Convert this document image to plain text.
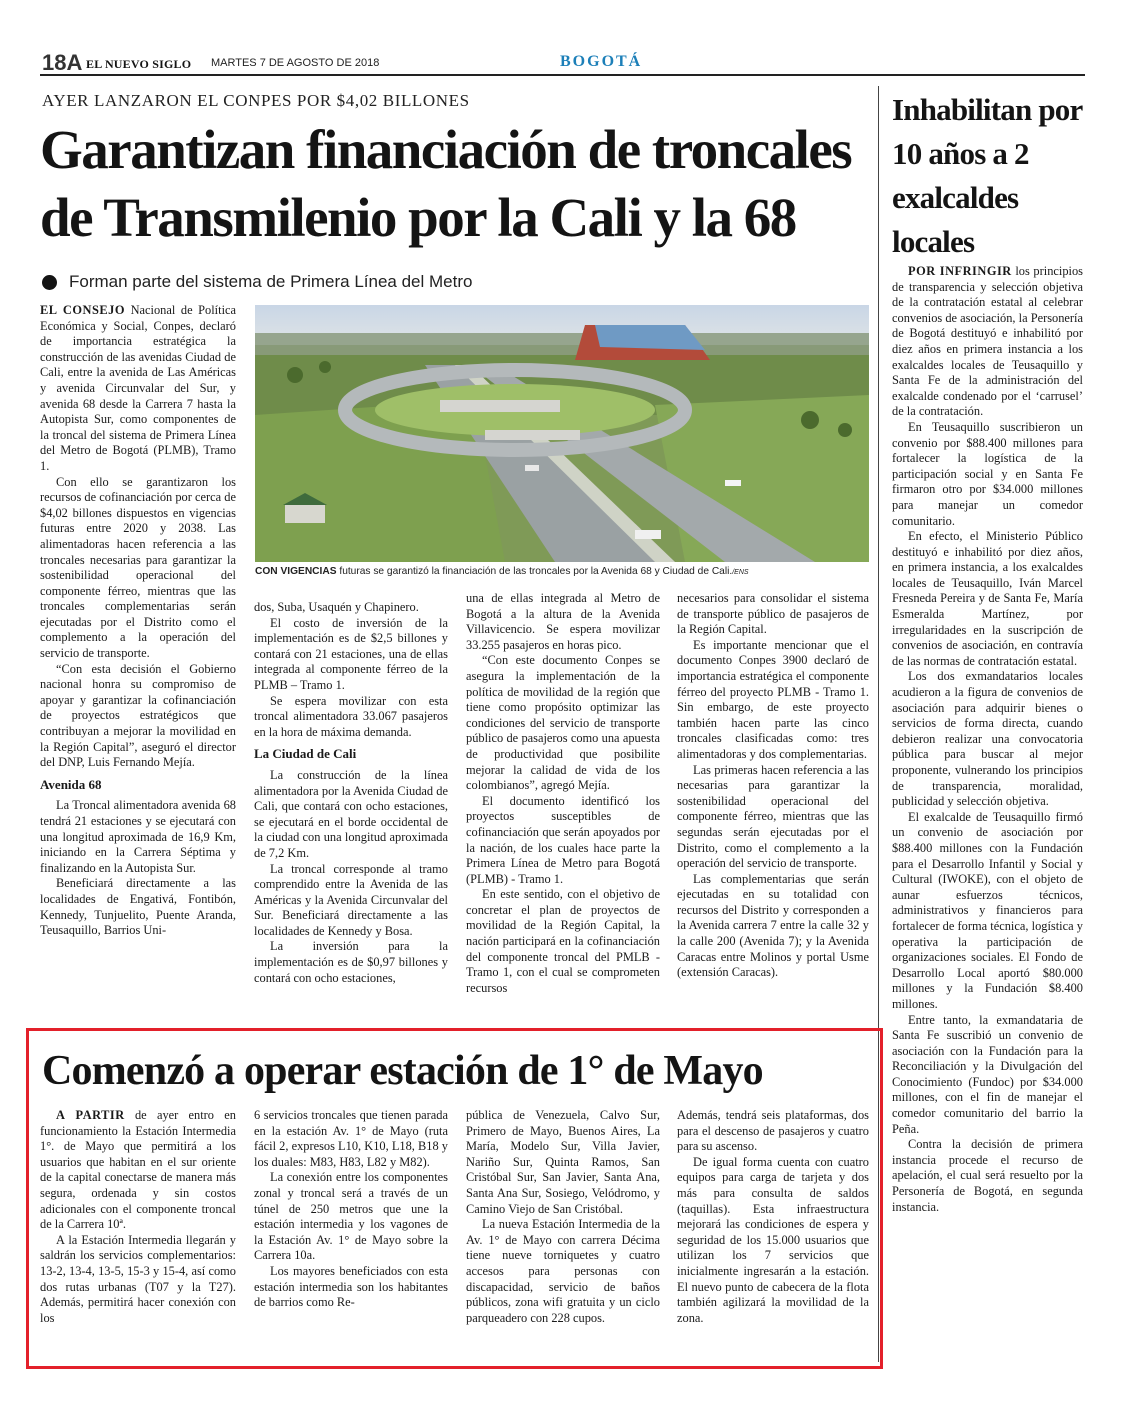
18A EL NUEVO SIGLO MARTES 7 DE AGOSTO DE 2018	BOGOTÁ
AYER LANZARON EL CONPES POR $4,02 BILLONES
Garantizan financiación de troncales de Transmilenio por la Cali y la 68
Forman parte del sistema de Primera Línea del Metro

EL CONSEJO Nacional de Política Económica y Social, Conpes, declaró de importancia estratégica la construcción de las avenidas Ciudad de Cali, entre la avenida de Las Américas y avenida Circunvalar del Sur, y avenida 68 desde la Carrera 7 hasta la Autopista Sur, como componentes de la troncal del sistema de Primera Línea del Metro de Bogotá (PLMB), Tramo 1.

Con ello se garantizaron los recursos de cofinanciación por cerca de $4,02 billones dispuestos en vigencias futuras entre 2020 y 2038. Las alimentadoras hacen referencia a las troncales necesarias para garantizar la sostenibilidad operacional del componente férreo, mientras que las troncales complementarias serán ejecutadas por el Distrito como el complemento a la operación del servicio de transporte.

“Con esta decisión el Gobierno nacional honra su compromiso de apoyar y garantizar la cofinanciación de proyectos estratégicos que contribuyan a mejorar la movilidad en la Región Capital”, aseguró el director del DNP, Luis Fernando Mejía.

Avenida 68

La Troncal alimentadora avenida 68 tendrá 21 estaciones y se ejecutará con una longitud aproximada de 16,9 Km, iniciando en la Carrera Séptima y finalizando en la Autopista Sur.

Beneficiará directamente a las localidades de Engativá, Fontibón, Kennedy, Tunjuelito, Puente Aranda, Teusaquillo, Barrios Uni-

CON VIGENCIAS futuras se garantizó la financiación de las troncales por la Avenida 68 y Ciudad de Cali./ENS

dos, Suba, Usaquén y Chapinero.

El costo de inversión de la implementación es de $2,5 billones y contará con 21 estaciones, una de ellas integrada al componente férreo de la PLMB – Tramo 1.

Se espera movilizar con esta troncal alimentadora 33.067 pasajeros en la hora de máxima demanda.

La Ciudad de Cali

La construcción de la línea alimentadora por la Avenida Ciudad de Cali, que contará con ocho estaciones, se ejecutará en el borde occidental de la ciudad con una longitud aproximada de 7,2 Km.

La troncal corresponde al tramo comprendido entre la Avenida de las Américas y la Avenida Circunvalar del Sur. Beneficiará directamente a las localidades de Kennedy y Bosa.

La inversión para la implementación es de $0,97 billones y contará con ocho estaciones,

una de ellas integrada al Metro de Bogotá a la altura de la Avenida Villavicencio. Se espera movilizar 33.255 pasajeros en horas pico.

“Con este documento Conpes se asegura la implementación de la política de movilidad de la región que tiene como propósito optimizar las condiciones del servicio de transporte público de pasajeros como una apuesta de productividad que posibilite mejorar la calidad de vida de los colombianos”, agregó Mejía.

El documento identificó los proyectos susceptibles de cofinanciación que serán apoyados por la nación, de los cuales hace parte la Primera Línea de Metro para Bogotá (PLMB) - Tramo 1.

En este sentido, con el objetivo de concretar el plan de proyectos de movilidad de la Región Capital, la nación participará en la cofinanciación del componente troncal del PMLB - Tramo 1, con el cual se comprometen recursos

necesarios para consolidar el sistema de transporte público de pasajeros de la Región Capital.

Es importante mencionar que el documento Conpes 3900 declaró de importancia estratégica el componente férreo del proyecto PLMB - Tramo 1. Sin embargo, de este proyecto también hacen parte las cinco troncales clasificadas como: tres alimentadoras y dos complementarias.

Las primeras hacen referencia a las necesarias para garantizar la sostenibilidad operacional del componente férreo, mientras que las segundas serán ejecutadas por el Distrito, como el complemento a la operación del servicio de transporte.

Las complementarias que serán ejecutadas en su totalidad con recursos del Distrito y corresponden a la Avenida carrera 7 entre la calle 32 y la calle 200 (Avenida 7); y la Avenida Caracas entre Molinos y portal Usme (extensión Caracas).

Inhabilitan por 10 años a 2 exalcaldes locales

POR INFRINGIR los principios de transparencia y selección objetiva de la contratación estatal al celebrar convenios de asociación, la Personería de Bogotá destituyó e inhabilitó por diez años en primera instancia a los exalcaldes locales de Teusaquillo y Santa Fe de la administración del exalcalde condenado por el ‘carrusel’ de la contratación.

En Teusaquillo suscribieron un convenio por $88.400 millones para fortalecer la logística de la participación social y en Santa Fe firmaron otro por $34.000 millones para manejar un comedor comunitario.

En efecto, el Ministerio Público destituyó e inhabilitó por diez años, en primera instancia, a los exalcaldes locales de Teusaquillo, Iván Marcel Fresneda Pereira y de Santa Fe, María Esmeralda Martínez, por irregularidades en la suscripción de convenios de asociación, en contravía de las normas de contratación estatal.

Los dos exmandatarios locales acudieron a la figura de convenios de asociación para adquirir bienes o servicios de forma directa, cuando debieron realizar una convocatoria pública para buscar al mejor proponente, vulnerando los principios de transparencia, moralidad, publicidad y selección objetiva.

El exalcalde de Teusaquillo firmó un convenio de asociación por $88.400 millones con la Fundación para el Desarrollo Infantil y Social y Cultural (IWOKE), con el objeto de aunar esfuerzos técnicos, administrativos y financieros para fortalecer de forma técnica, logística y operativa la participación de organizaciones sociales. El Fondo de Desarrollo Local aportó $80.000 millones y la Fundación $8.400 millones.

Entre tanto, la exmandataria de Santa Fe suscribió un convenio de asociación con la Fundación para la Reconciliación y la Divulgación del Conocimiento (Fundoc) por $34.000 millones, con el fin de manejar el comedor comunitario del barrio la Peña.

Contra la decisión de primera instancia procede el recurso de apelación, el cual será resuelto por la Personería de Bogotá, en segunda instancia.

Comenzó a operar estación de 1° de Mayo

A PARTIR de ayer entro en funcionamiento la Estación Intermedia 1°. de Mayo que permitirá a los usuarios que habitan en el sur oriente de la capital conectarse de manera más segura, ordenada y sin costos adicionales con el componente troncal de la Carrera 10ª.

A la Estación Intermedia llegarán y saldrán los servicios complementarios: 13-2, 13-4, 13-5, 15-3 y 15-4, así como dos rutas urbanas (T07 y la T27). Además, permitirá hacer conexión con los

6 servicios troncales que tienen parada en la estación Av. 1° de Mayo (ruta fácil 2, expresos L10, K10, L18, B18 y los duales: M83, H83, L82 y M82).

La conexión entre los componentes zonal y troncal será a través de un túnel de 250 metros que une la estación intermedia y los vagones de la Estación Av. 1° de Mayo sobre la Carrera 10a.

Los mayores beneficiados con esta estación intermedia son los habitantes de barrios como Re-

pública de Venezuela, Calvo Sur, Primero de Mayo, Buenos Aires, La María, Modelo Sur, Villa Javier, Nariño Sur, Quinta Ramos, San Cristóbal Sur, San Javier, Santa Ana, Santa Ana Sur, Sosiego, Velódromo, y Camino Viejo de San Cristóbal.

La nueva Estación Intermedia de la Av. 1° de Mayo con carrera Décima tiene nueve torniquetes y cuatro accesos para personas con discapacidad, servicio de baños públicos, zona wifi gratuita y un ciclo parqueadero con 228 cupos.

Además, tendrá seis plataformas, dos para el descenso de pasajeros y cuatro para su ascenso.

De igual forma cuenta con cuatro equipos para carga de tarjeta y dos más para consulta de saldos (taquillas). Esta infraestructura mejorará las condiciones de espera y seguridad de los 15.000 usuarios que utilizan los 7 servicios que inicialmente ingresarán a la estación. El nuevo punto de cabecera de la flota también agilizará la movilidad de la zona.
